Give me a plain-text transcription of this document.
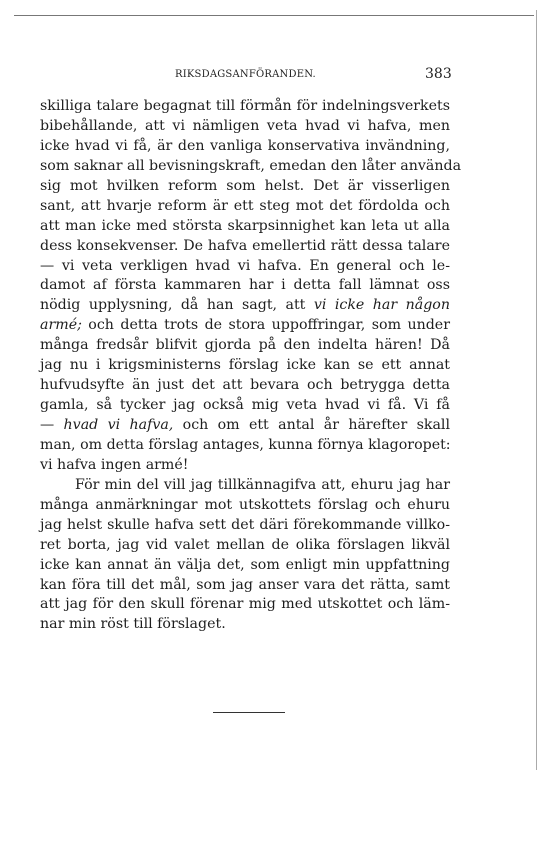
RIKSDAGSANFÖRANDEN.	383
skilliga talare begagnat till förmån för indelningsverkets
bibehållande, att vi nämligen veta hvad vi hafva, men
icke hvad vi få, är den vanliga konservativa invändning,
som saknar all bevisningskraft, emedan den låter använda
sig mot hvilken reform som helst. Det är visserligen
sant, att hvarje reform är ett steg mot det fördolda och
att man icke med största skarpsinnighet kan leta ut alla
dess konsekvenser. De hafva emellertid rätt dessa talare
— vi veta verkligen hvad vi hafva. En general och le-
damot af första kammaren har i detta fall lämnat oss
nödig upplysning, då han sagt, att vi icke har någon
armé; och detta trots de stora uppoffringar, som under
många fredsår blifvit gjorda på den indelta hären! Då
jag nu i krigsministerns förslag icke kan se ett annat
hufvudsyfte än just det att bevara och betrygga detta
gamla, så tycker jag också mig veta hvad vi få. Vi få
— hvad vi hafva, och om ett antal år härefter skall
man, om detta förslag antages, kunna förnya klagoropet:
vi hafva ingen armé!
För min del vill jag tillkännagifva att, ehuru jag har
många anmärkningar mot utskottets förslag och ehuru
jag helst skulle hafva sett det däri förekommande villko-
ret borta, jag vid valet mellan de olika förslagen likväl
icke kan annat än välja det, som enligt min uppfattning
kan föra till det mål, som jag anser vara det rätta, samt
att jag för den skull förenar mig med utskottet och läm-
nar min röst till förslaget.
